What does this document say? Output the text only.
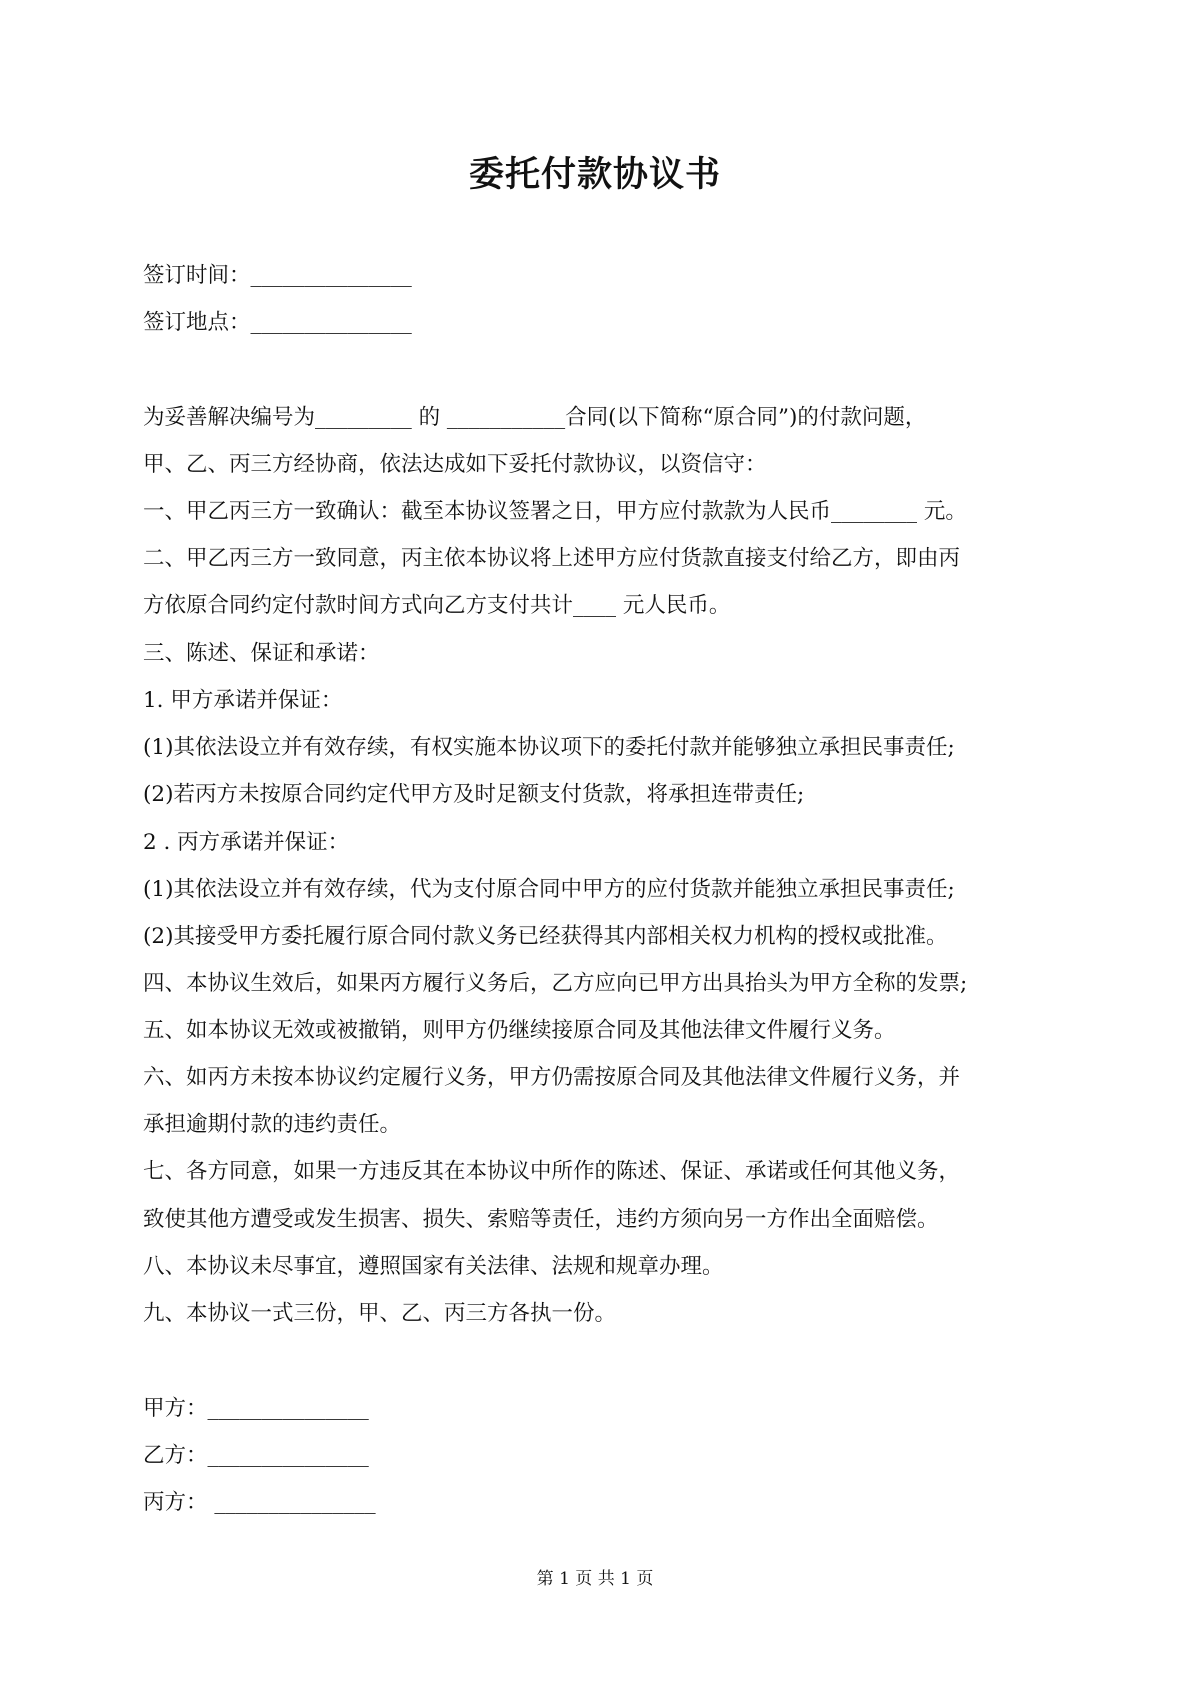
委托付款协议书
签订时间：_______________
签订地点：_______________
为妥善解决编号为_________ 的 ___________合同(以下简称“原合同”)的付款问题，
甲、乙、丙三方经协商，依法达成如下妥托付款协议，以资信守：
一、甲乙丙三方一致确认：截至本协议签署之日，甲方应付款款为人民币________ 元。
二、甲乙丙三方一致同意，丙主依本协议将上述甲方应付货款直接支付给乙方，即由丙
方依原合同约定付款时间方式向乙方支付共计____ 元人民币。
三、陈述、保证和承诺：
1. 甲方承诺并保证：
(1)其依法设立并有效存续，有权实施本协议项下的委托付款并能够独立承担民事责任;
(2)若丙方未按原合同约定代甲方及时足额支付货款，将承担连带责任;
2 . 丙方承诺并保证：
(1)其依法设立并有效存续，代为支付原合同中甲方的应付货款并能独立承担民事责任;
(2)其接受甲方委托履行原合同付款义务已经获得其内部相关权力机构的授权或批准。
四、本协议生效后，如果丙方履行义务后，乙方应向已甲方出具抬头为甲方全称的发票;
五、如本协议无效或被撤销，则甲方仍继续接原合同及其他法律文件履行义务。
六、如丙方未按本协议约定履行义务，甲方仍需按原合同及其他法律文件履行义务，并
承担逾期付款的违约责任。
七、各方同意，如果一方违反其在本协议中所作的陈述、保证、承诺或任何其他义务，
致使其他方遭受或发生损害、损失、索赔等责任，违约方须向另一方作出全面赔偿。
八、本协议未尽事宜，遵照国家有关法律、法规和规章办理。
九、本协议一式三份，甲、乙、丙三方各执一份。
甲方：_______________
乙方：_______________
丙方： _______________
第 1 页 共 1 页
